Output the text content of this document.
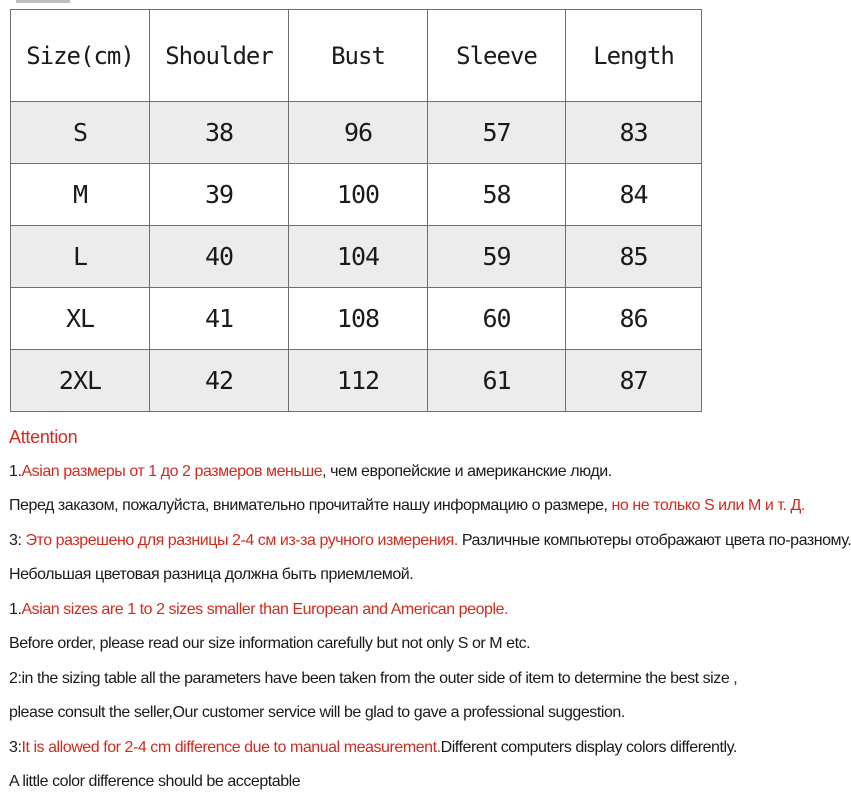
Size(cm)	Shoulder	Bust	Sleeve	Length
S	38	96	57	83
M	39	100	58	84
L	40	104	59	85
XL	41	108	60	86
2XL	42	112	61	87
Attention
1.Asian размеры от 1 до 2 размеров меньше, чем европейские и американские люди.
Перед заказом, пожалуйста, внимательно прочитайте нашу информацию о размере, но не только S или M и т. Д.
3: Это разрешено для разницы 2-4 см из-за ручного измерения. Различные компьютеры отображают цвета по-разному.
Небольшая цветовая разница должна быть приемлемой.
1.Asian sizes are 1 to 2 sizes smaller than European and American people.
Before order, please read our size information carefully but not only S or M etc.
2:in the sizing table all the parameters have been taken from the outer side of item to determine the best size ,
please consult the seller,Our customer service will be glad to gave a professional suggestion.
3:It is allowed for 2-4 cm difference due to manual measurement.Different computers display colors differently.
A little color difference should be acceptable
